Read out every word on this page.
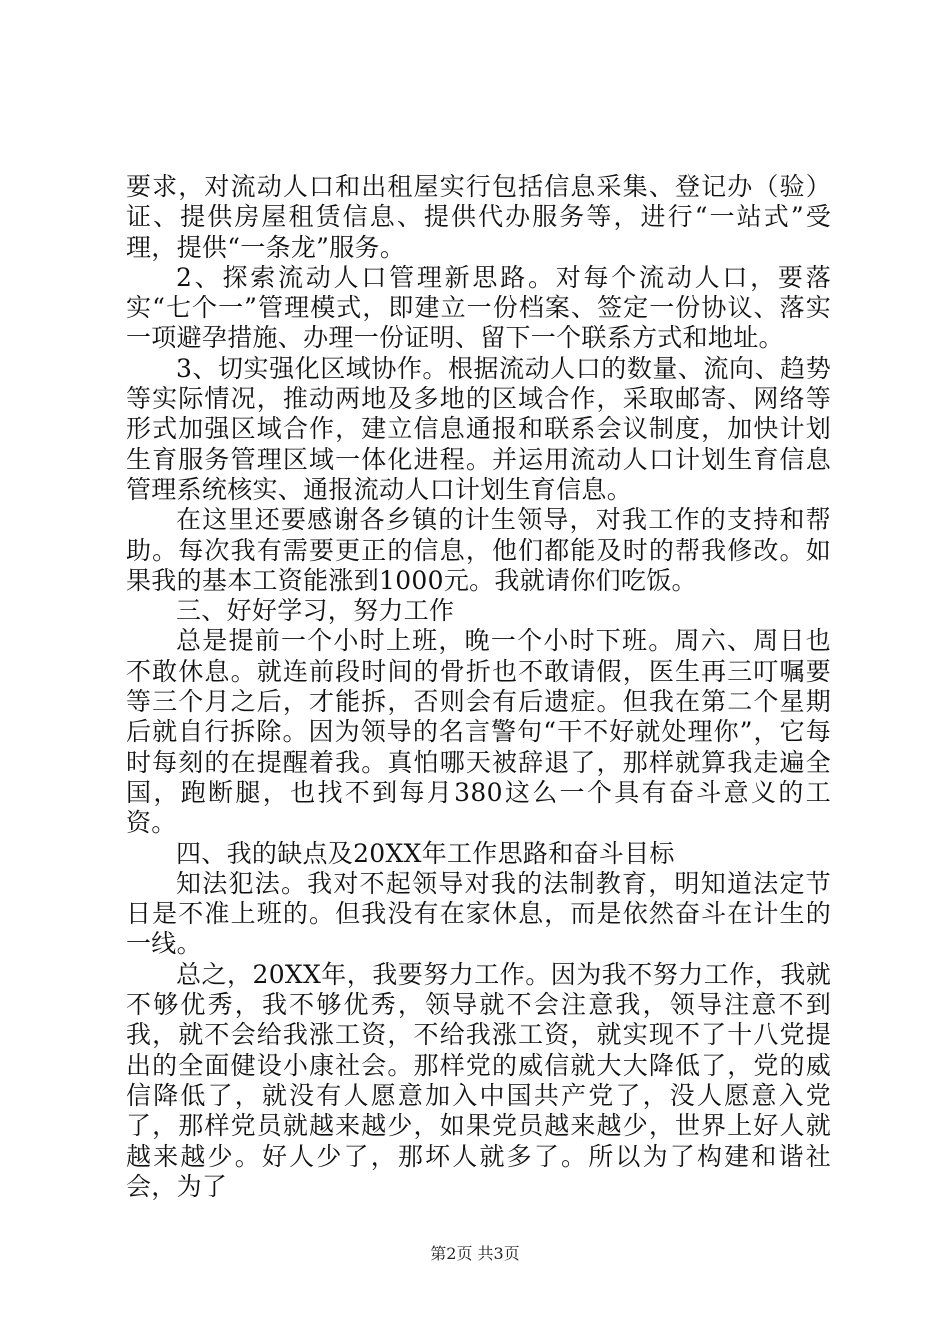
要求，对流动人口和出租屋实行包括信息采集、登记办（验）证、提供房屋租赁信息、提供代办服务等，进行“一站式”受理，提供“一条龙”服务。

2、探索流动人口管理新思路。对每个流动人口，要落实“七个一”管理模式，即建立一份档案、签定一份协议、落实一项避孕措施、办理一份证明、留下一个联系方式和地址。

3、切实强化区域协作。根据流动人口的数量、流向、趋势等实际情况，推动两地及多地的区域合作，采取邮寄、网络等形式加强区域合作，建立信息通报和联系会议制度，加快计划生育服务管理区域一体化进程。并运用流动人口计划生育信息管理系统核实、通报流动人口计划生育信息。

在这里还要感谢各乡镇的计生领导，对我工作的支持和帮助。每次我有需要更正的信息，他们都能及时的帮我修改。如果我的基本工资能涨到1000元。我就请你们吃饭。

三、好好学习，努力工作

总是提前一个小时上班，晚一个小时下班。周六、周日也不敢休息。就连前段时间的骨折也不敢请假，医生再三叮嘱要等三个月之后，才能拆，否则会有后遗症。但我在第二个星期后就自行拆除。因为领导的名言警句“干不好就处理你”，它每时每刻的在提醒着我。真怕哪天被辞退了，那样就算我走遍全国，跑断腿，也找不到每月380这么一个具有奋斗意义的工资。

四、我的缺点及20XX年工作思路和奋斗目标

知法犯法。我对不起领导对我的法制教育，明知道法定节日是不准上班的。但我没有在家休息，而是依然奋斗在计生的一线。

总之，20XX年，我要努力工作。因为我不努力工作，我就不够优秀，我不够优秀，领导就不会注意我，领导注意不到我，就不会给我涨工资，不给我涨工资，就实现不了十八党提出的全面健设小康社会。那样党的威信就大大降低了，党的威信降低了，就没有人愿意加入中国共产党了，没人愿意入党了，那样党员就越来越少，如果党员越来越少，世界上好人就越来越少。好人少了，那坏人就多了。所以为了构建和谐社会，为了

第2页 共3页
